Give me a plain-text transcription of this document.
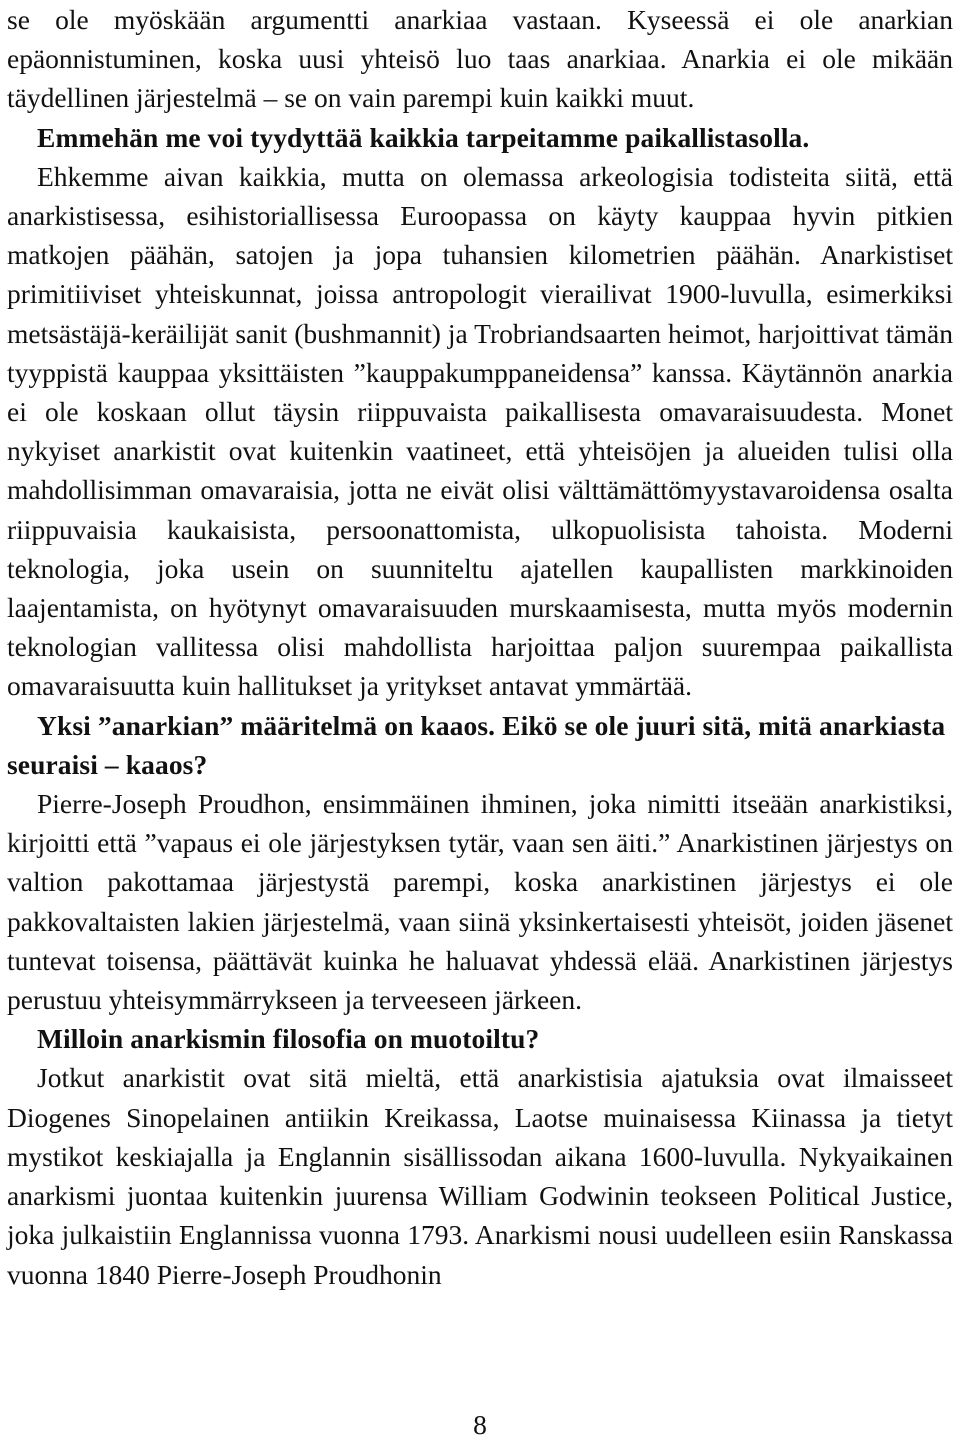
se ole myöskään argumentti anarkiaa vastaan. Kyseessä ei ole anarkian epäonnistuminen, koska uusi yhteisö luo taas anarkiaa. Anarkia ei ole mikään täydellinen järjestelmä – se on vain parempi kuin kaikki muut.

Emmehän me voi tyydyttää kaikkia tarpeitamme paikallistasolla.

Ehkemme aivan kaikkia, mutta on olemassa arkeologisia todisteita siitä, että anarkistisessa, esihistoriallisessa Euroopassa on käyty kauppaa hyvin pitkien matkojen päähän, satojen ja jopa tuhansien kilometrien päähän. Anarkistiset primitiiviset yhteiskunnat, joissa antropologit vierailivat 1900-luvulla, esimerkiksi metsästäjä-keräilijät sanit (bushmannit) ja Trobriandsaarten heimot, harjoittivat tämän tyyppistä kauppaa yksittäisten ”kauppakumppaneidensa” kanssa. Käytännön anarkia ei ole koskaan ollut täysin riippuvaista paikallisesta omavaraisuudesta. Monet nykyiset anarkistit ovat kuitenkin vaatineet, että yhteisöjen ja alueiden tulisi olla mahdollisimman omavaraisia, jotta ne eivät olisi välttämättömyystavaroidensa osalta riippuvaisia kaukaisista, persoonattomista, ulkopuolisista tahoista. Moderni teknologia, joka usein on suunniteltu ajatellen kaupallisten markkinoiden laajentamista, on hyötynyt omavaraisuuden murskaamisesta, mutta myös modernin teknologian vallitessa olisi mahdollista harjoittaa paljon suurempaa paikallista omavaraisuutta kuin hallitukset ja yritykset antavat ymmärtää.

Yksi ”anarkian” määritelmä on kaaos. Eikö se ole juuri sitä, mitä anarkiasta seuraisi – kaaos?

Pierre-Joseph Proudhon, ensimmäinen ihminen, joka nimitti itseään anarkistiksi, kirjoitti että ”vapaus ei ole järjestyksen tytär, vaan sen äiti.” Anarkistinen järjestys on valtion pakottamaa järjestystä parempi, koska anarkistinen järjestys ei ole pakkovaltaisten lakien järjestelmä, vaan siinä yksinkertaisesti yhteisöt, joiden jäsenet tuntevat toisensa, päättävät kuinka he haluavat yhdessä elää. Anarkistinen järjestys perustuu yhteisymmärrykseen ja terveeseen järkeen.

Milloin anarkismin filosofia on muotoiltu?

Jotkut anarkistit ovat sitä mieltä, että anarkistisia ajatuksia ovat ilmaisseet Diogenes Sinopelainen antiikin Kreikassa, Laotse muinaisessa Kiinassa ja tietyt mystikot keskiajalla ja Englannin sisällissodan aikana 1600-luvulla. Nykyaikainen anarkismi juontaa kuitenkin juurensa William Godwinin teokseen Political Justice, joka julkaistiin Englannissa vuonna 1793. Anarkismi nousi uudelleen esiin Ranskassa vuonna 1840 Pierre-Joseph Proudhonin

8
